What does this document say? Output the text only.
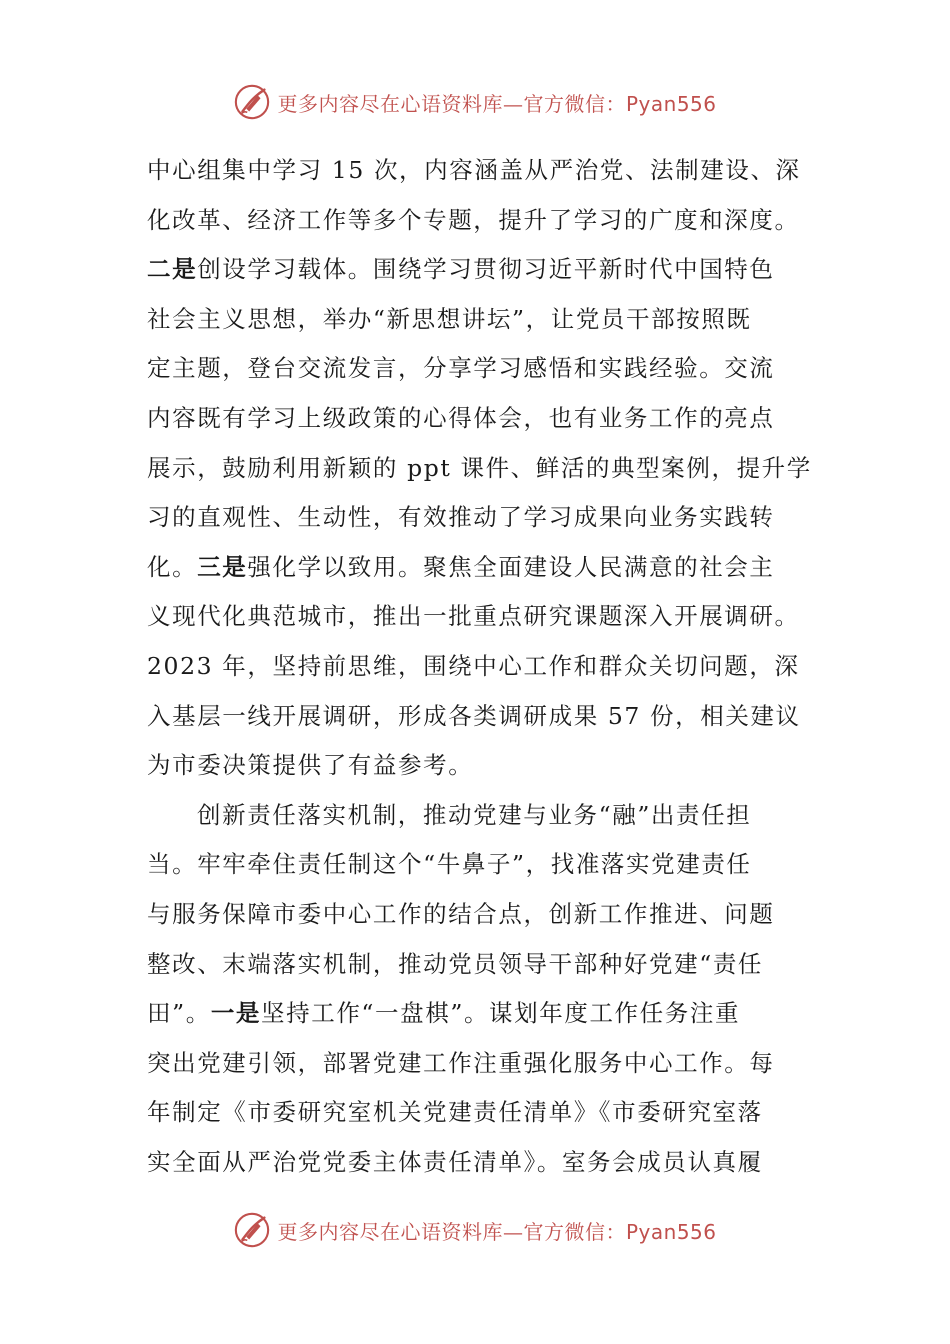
更多内容尽在心语资料库—官方微信：Pyan556
中心组集中学习 15 次，内容涵盖从严治党、法制建设、深
化改革、经济工作等多个专题，提升了学习的广度和深度。
二是创设学习载体。围绕学习贯彻习近平新时代中国特色
社会主义思想，举办“新思想讲坛”，让党员干部按照既
定主题，登台交流发言，分享学习感悟和实践经验。交流
内容既有学习上级政策的心得体会，也有业务工作的亮点
展示，鼓励利用新颖的 ppt 课件、鲜活的典型案例，提升学
习的直观性、生动性，有效推动了学习成果向业务实践转
化。三是强化学以致用。聚焦全面建设人民满意的社会主
义现代化典范城市，推出一批重点研究课题深入开展调研。
2023 年，坚持前思维，围绕中心工作和群众关切问题，深
入基层一线开展调研，形成各类调研成果 57 份，相关建议
为市委决策提供了有益参考。
创新责任落实机制，推动党建与业务“融”出责任担
当。牢牢牵住责任制这个“牛鼻子”，找准落实党建责任
与服务保障市委中心工作的结合点，创新工作推进、问题
整改、末端落实机制，推动党员领导干部种好党建“责任
田”。一是坚持工作“一盘棋”。谋划年度工作任务注重
突出党建引领，部署党建工作注重强化服务中心工作。每
年制定《市委研究室机关党建责任清单》《市委研究室落
实全面从严治党党委主体责任清单》。室务会成员认真履
更多内容尽在心语资料库—官方微信：Pyan556
